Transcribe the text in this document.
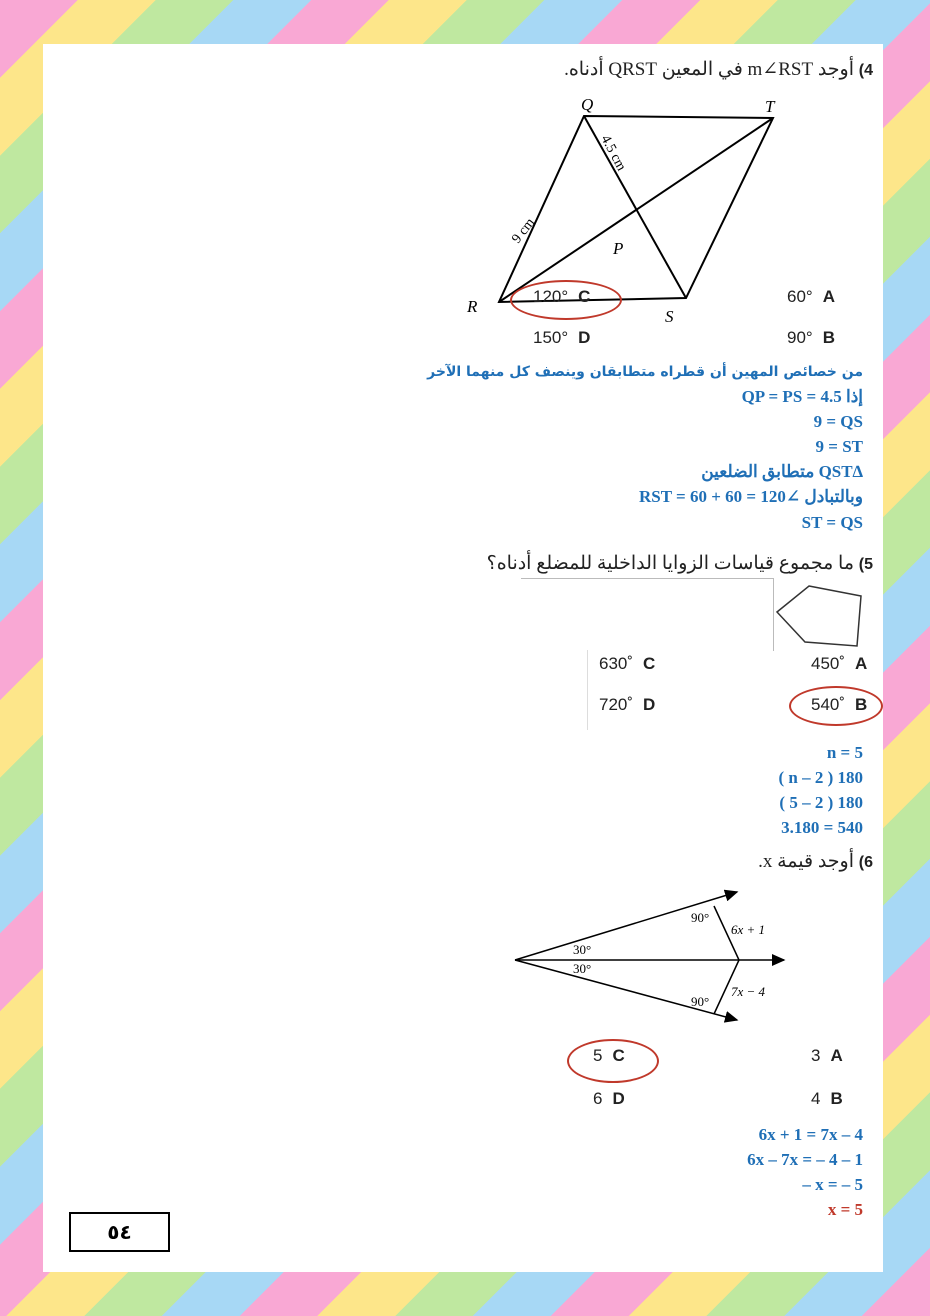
4) أوجد m∠RST في المعين QRST أدناه.
Q	T
R
S
P
9 cm
4.5 cm
120° C	60° A
150° D	90° B
من خصائص المهين أن قطراه متطابقان وينصف كل منهما الآخر
إذا 4.5 = QP = PS
9 = QS
9 = ST
∆QST متطابق الضلعين
وبالتبادل ∠RST = 60 + 60 = 120
ST = QS
5) ما مجموع قياسات الزوايا الداخلية للمضلع أدناه؟
630˚ C	450˚ A
720˚ D	540˚ B
n = 5
( n – 2 ) 180
( 5 – 2 ) 180
3.180 = 540
6) أوجد قيمة x.
90°
30°
30°
90°
6x + 1
7x − 4
5 C	3 A
6 D	4 B
6x + 1 = 7x – 4
6x – 7x = – 4 – 1
– x = – 5
x = 5
٥٤
